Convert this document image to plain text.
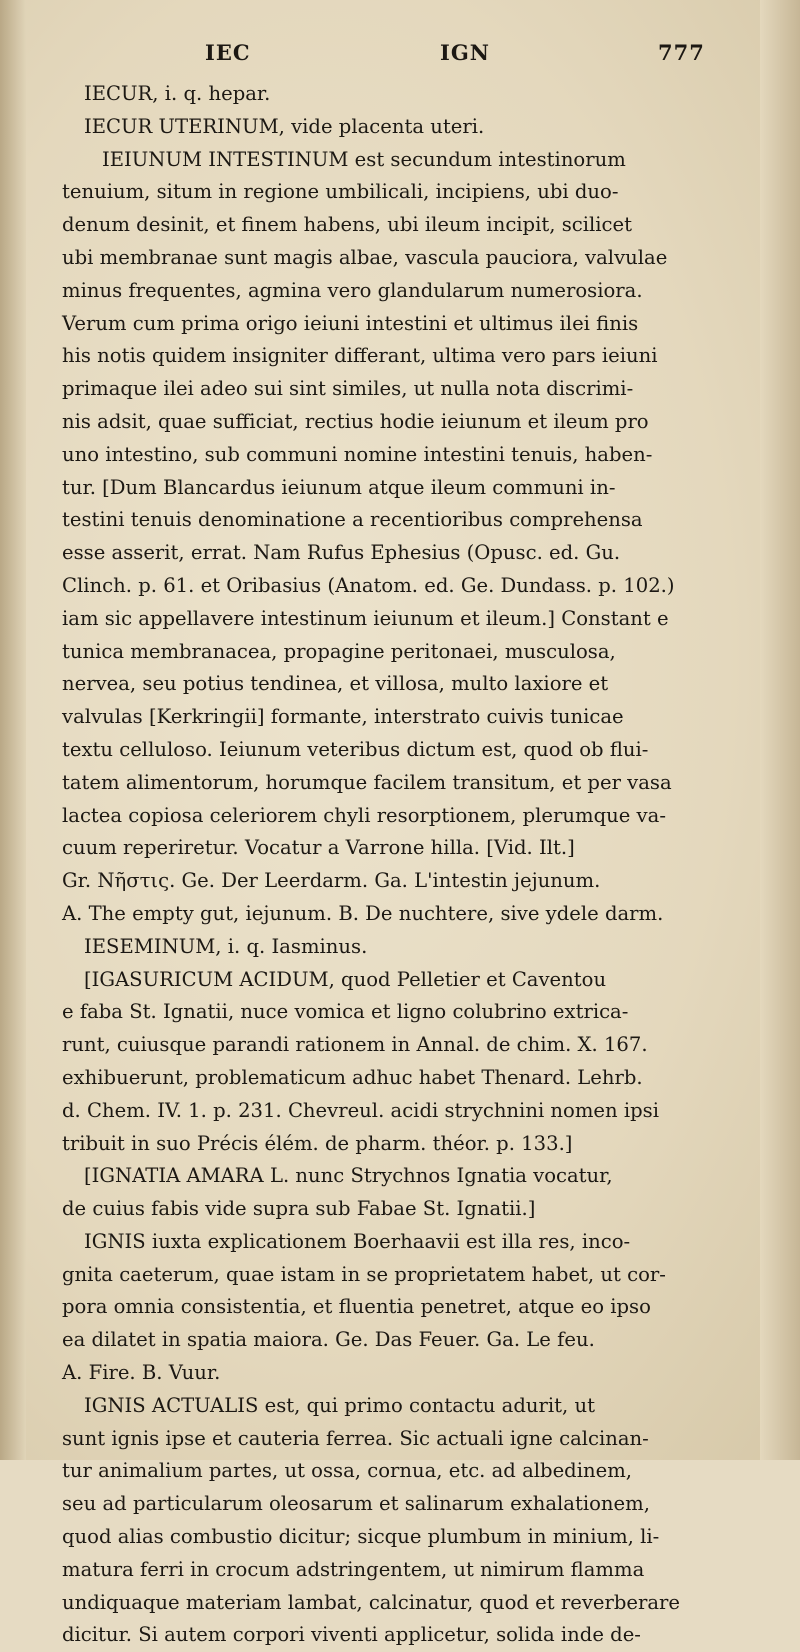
IEC	IGN	777
IECUR, i. q. hepar.
IECUR UTERINUM, vide placenta uteri.
IEIUNUM INTESTINUM est secundum intestinorum
tenuium, situm in regione umbilicali, incipiens, ubi duo-
denum desinit, et finem habens, ubi ileum incipit, scilicet
ubi membranae sunt magis albae, vascula pauciora, valvulae
minus frequentes, agmina vero glandularum numerosiora.
Verum cum prima origo ieiuni intestini et ultimus ilei finis
his notis quidem insigniter differant, ultima vero pars ieiuni
primaque ilei adeo sui sint similes, ut nulla nota discrimi-
nis adsit, quae sufficiat, rectius hodie ieiunum et ileum pro
uno intestino, sub communi nomine intestini tenuis, haben-
tur. [Dum Blancardus ieiunum atque ileum communi in-
testini tenuis denominatione a recentioribus comprehensa
esse asserit, errat. Nam Rufus Ephesius (Opusc. ed. Gu.
Clinch. p. 61. et Oribasius (Anatom. ed. Ge. Dundass. p. 102.)
iam sic appellavere intestinum ieiunum et ileum.] Constant e
tunica membranacea, propagine peritonaei, musculosa,
nervea, seu potius tendinea, et villosa, multo laxiore et
valvulas [Kerkringii] formante, interstrato cuivis tunicae
textu celluloso. Ieiunum veteribus dictum est, quod ob flui-
tatem alimentorum, horumque facilem transitum, et per vasa
lactea copiosa celeriorem chyli resorptionem, plerumque va-
cuum reperiretur. Vocatur a Varrone hilla. [Vid. Ilt.]
Gr. Νῆστις. Ge. Der Leerdarm. Ga. L'intestin jejunum.
A. The empty gut, iejunum. B. De nuchtere, sive ydele darm.
IESEMINUM, i. q. Iasminus.
[IGASURICUM ACIDUM, quod Pelletier et Caventou
e faba St. Ignatii, nuce vomica et ligno colubrino extrica-
runt, cuiusque parandi rationem in Annal. de chim. X. 167.
exhibuerunt, problematicum adhuc habet Thenard. Lehrb.
d. Chem. IV. 1. p. 231. Chevreul. acidi strychnini nomen ipsi
tribuit in suo Précis élém. de pharm. théor. p. 133.]
[IGNATIA AMARA L. nunc Strychnos Ignatia vocatur,
de cuius fabis vide supra sub Fabae St. Ignatii.]
IGNIS iuxta explicationem Boerhaavii est illa res, inco-
gnita caeterum, quae istam in se proprietatem habet, ut cor-
pora omnia consistentia, et fluentia penetret, atque eo ipso
ea dilatet in spatia maiora. Ge. Das Feuer. Ga. Le feu.
A. Fire. B. Vuur.
IGNIS ACTUALIS est, qui primo contactu adurit, ut
sunt ignis ipse et cauteria ferrea. Sic actuali igne calcinan-
tur animalium partes, ut ossa, cornua, etc. ad albedinem,
seu ad particularum oleosarum et salinarum exhalationem,
quod alias combustio dicitur; sicque plumbum in minium, li-
matura ferri in crocum adstringentem, ut nimirum flamma
undiquaque materiam lambat, calcinatur, quod et reverberare
dicitur. Si autem corpori viventi applicetur, solida inde de-
